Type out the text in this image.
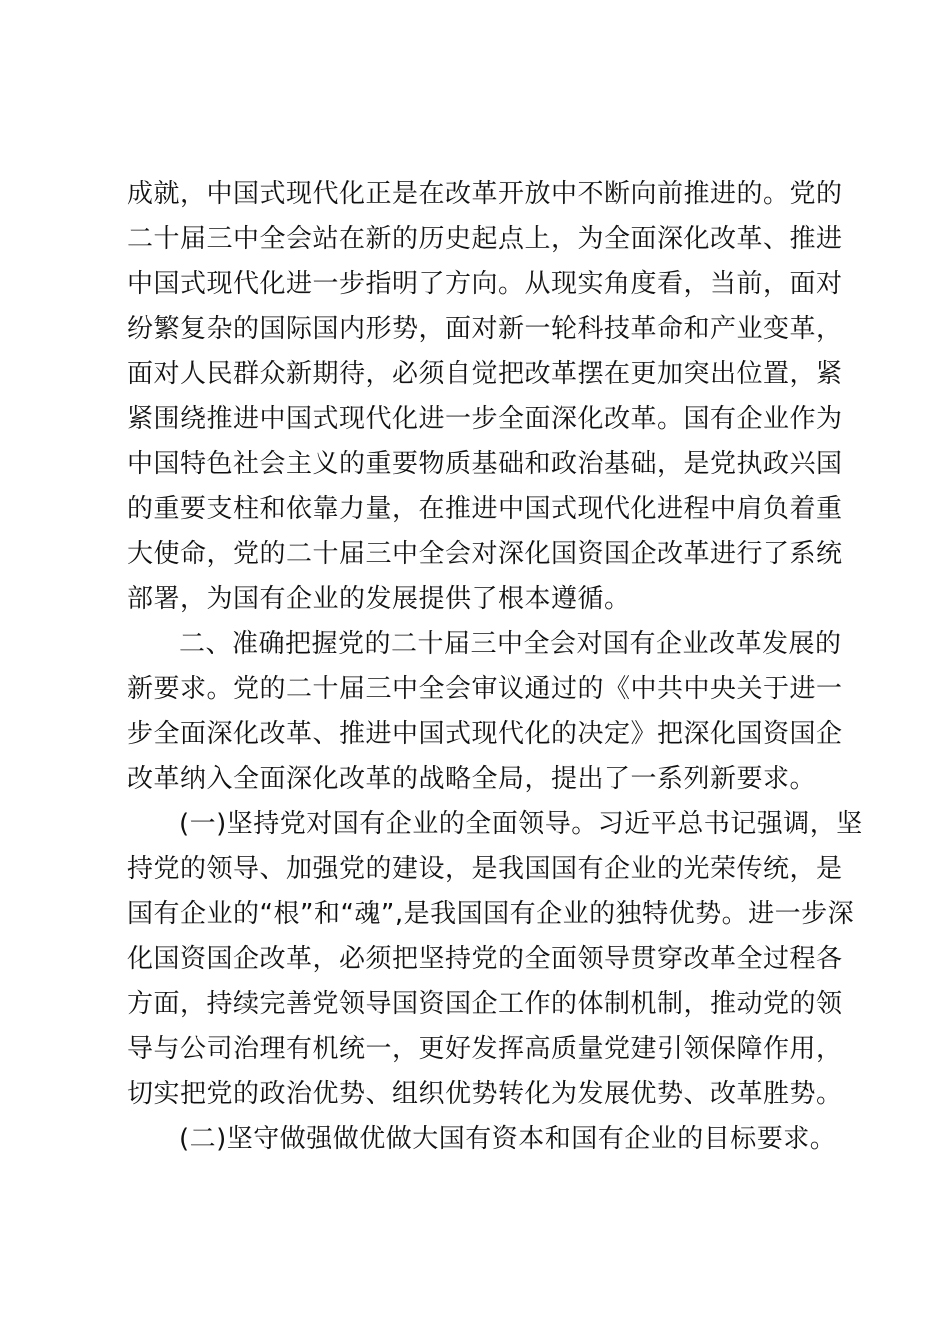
成就，中国式现代化正是在改革开放中不断向前推进的。党的
二十届三中全会站在新的历史起点上，为全面深化改革、推进
中国式现代化进一步指明了方向。从现实角度看，当前，面对
纷繁复杂的国际国内形势，面对新一轮科技革命和产业变革，
面对人民群众新期待，必须自觉把改革摆在更加突出位置，紧
紧围绕推进中国式现代化进一步全面深化改革。国有企业作为
中国特色社会主义的重要物质基础和政治基础，是党执政兴国
的重要支柱和依靠力量，在推进中国式现代化进程中肩负着重
大使命，党的二十届三中全会对深化国资国企改革进行了系统
部署，为国有企业的发展提供了根本遵循。
二、准确把握党的二十届三中全会对国有企业改革发展的
新要求。党的二十届三中全会审议通过的《中共中央关于进一
步全面深化改革、推进中国式现代化的决定》把深化国资国企
改革纳入全面深化改革的战略全局，提出了一系列新要求。
(一)坚持党对国有企业的全面领导。习近平总书记强调，坚
持党的领导、加强党的建设，是我国国有企业的光荣传统，是
国有企业的“根”和“魂”,是我国国有企业的独特优势。进一步深
化国资国企改革，必须把坚持党的全面领导贯穿改革全过程各
方面，持续完善党领导国资国企工作的体制机制，推动党的领
导与公司治理有机统一，更好发挥高质量党建引领保障作用，
切实把党的政治优势、组织优势转化为发展优势、改革胜势。
(二)坚守做强做优做大国有资本和国有企业的目标要求。
